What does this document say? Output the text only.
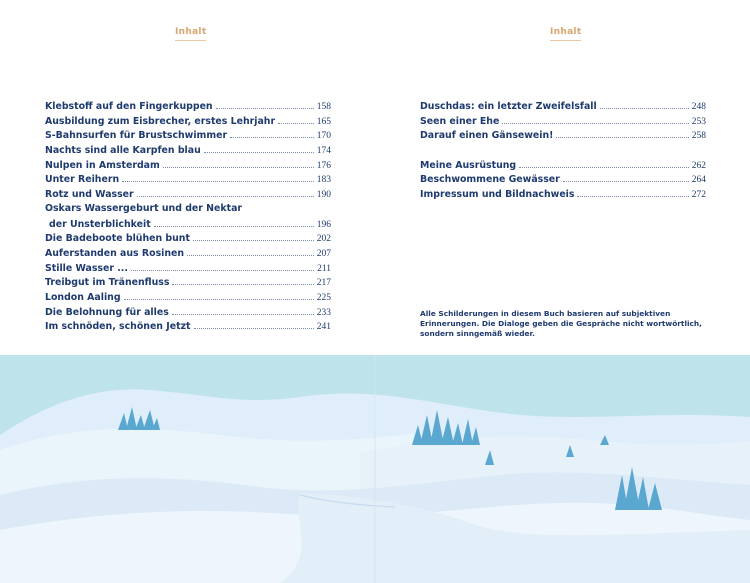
Inhalt
Klebstoff auf den Fingerkuppen	158
Ausbildung zum Eisbrecher, erstes Lehrjahr	165
S-Bahnsurfen für Brustschwimmer	170
Nachts sind alle Karpfen blau	174
Nulpen in Amsterdam	176
Unter Reihern	183
Rotz und Wasser	190
Oskars Wassergeburt und der Nektar
der Unsterblichkeit	196
Die Badeboote blühen bunt	202
Auferstanden aus Rosinen	207
Stille Wasser ...	211
Treibgut im Tränenfluss	217
London Aaling	225
Die Belohnung für alles	233
Im schnöden, schönen Jetzt	241
Inhalt
Duschdas: ein letzter Zweifelsfall	248
Seen einer Ehe	253
Darauf einen Gänsewein!	258
Meine Ausrüstung	262
Beschwommene Gewässer	264
Impressum und Bildnachweis	272

Alle Schilderungen in diesem Buch basieren auf subjektiven Erinnerungen. Die Dialoge geben die Gespräche nicht wortwörtlich, sondern sinngemäß wieder.
